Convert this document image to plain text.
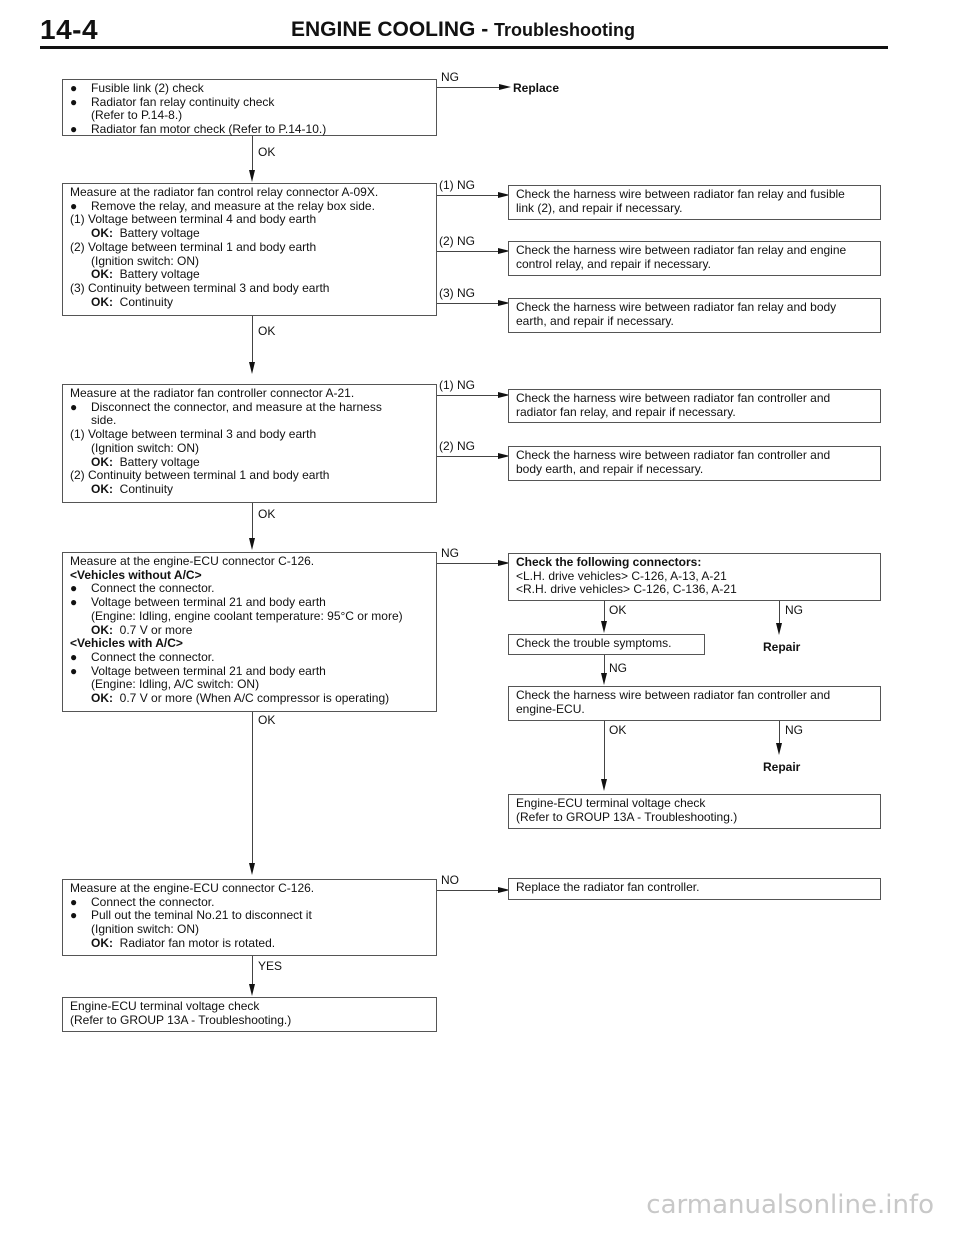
14-4	ENGINE COOLING - Troubleshooting
● Fusible link (2) check
● Radiator fan relay continuity check
(Refer to P.14-8.)
● Radiator fan motor check (Refer to P.14-10.)
NG
Replace
OK
Measure at the radiator fan control relay connector A-09X.
● Remove the relay, and measure at the relay box side.
(1) Voltage between terminal 4 and body earth
OK: Battery voltage
(2) Voltage between terminal 1 and body earth
(Ignition switch: ON)
OK: Battery voltage
(3) Continuity between terminal 3 and body earth
OK: Continuity
(1) NG
Check the harness wire between radiator fan relay and fusible
link (2), and repair if necessary.
(2) NG
Check the harness wire between radiator fan relay and engine
control relay, and repair if necessary.
(3) NG
Check the harness wire between radiator fan relay and body
earth, and repair if necessary.
OK
Measure at the radiator fan controller connector A-21.
● Disconnect the connector, and measure at the harness
side.
(1) Voltage between terminal 3 and body earth
(Ignition switch: ON)
OK: Battery voltage
(2) Continuity between terminal 1 and body earth
OK: Continuity
(1) NG
Check the harness wire between radiator fan controller and
radiator fan relay, and repair if necessary.
(2) NG
Check the harness wire between radiator fan controller and
body earth, and repair if necessary.
OK
Measure at the engine-ECU connector C-126.
<Vehicles without A/C>
● Connect the connector.
● Voltage between terminal 21 and body earth
(Engine: Idling, engine coolant temperature: 95°C or more)
OK: 0.7 V or more
<Vehicles with A/C>
● Connect the connector.
● Voltage between terminal 21 and body earth
(Engine: Idling, A/C switch: ON)
OK: 0.7 V or more (When A/C compressor is operating)
NG
Check the following connectors:
<L.H. drive vehicles> C-126, A-13, A-21
<R.H. drive vehicles> C-126, C-136, A-21
OK	NG
Repair
Check the trouble symptoms.
NG
Check the harness wire between radiator fan controller and
engine-ECU.
OK	NG
Repair
Engine-ECU terminal voltage check
(Refer to GROUP 13A - Troubleshooting.)
OK
Measure at the engine-ECU connector C-126.
● Connect the connector.
● Pull out the teminal No.21 to disconnect it
(Ignition switch: ON)
OK: Radiator fan motor is rotated.
NO	Replace the radiator fan controller.
YES
Engine-ECU terminal voltage check
(Refer to GROUP 13A - Troubleshooting.)
carmanualsonline.info
